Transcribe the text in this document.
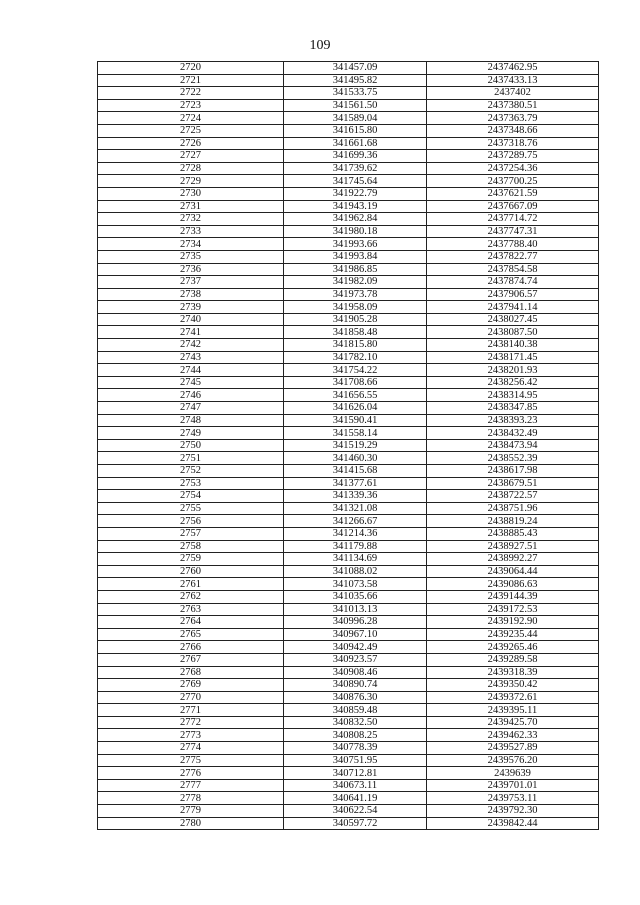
109
2720	341457.09	2437462.95
2721	341495.82	2437433.13
2722	341533.75	2437402
2723	341561.50	2437380.51
2724	341589.04	2437363.79
2725	341615.80	2437348.66
2726	341661.68	2437318.76
2727	341699.36	2437289.75
2728	341739.62	2437254.36
2729	341745.64	2437700.25
2730	341922.79	2437621.59
2731	341943.19	2437667.09
2732	341962.84	2437714.72
2733	341980.18	2437747.31
2734	341993.66	2437788.40
2735	341993.84	2437822.77
2736	341986.85	2437854.58
2737	341982.09	2437874.74
2738	341973.78	2437906.57
2739	341958.09	2437941.14
2740	341905.28	2438027.45
2741	341858.48	2438087.50
2742	341815.80	2438140.38
2743	341782.10	2438171.45
2744	341754.22	2438201.93
2745	341708.66	2438256.42
2746	341656.55	2438314.95
2747	341626.04	2438347.85
2748	341590.41	2438393.23
2749	341558.14	2438432.49
2750	341519.29	2438473.94
2751	341460.30	2438552.39
2752	341415.68	2438617.98
2753	341377.61	2438679.51
2754	341339.36	2438722.57
2755	341321.08	2438751.96
2756	341266.67	2438819.24
2757	341214.36	2438885.43
2758	341179.88	2438927.51
2759	341134.69	2438992.27
2760	341088.02	2439064.44
2761	341073.58	2439086.63
2762	341035.66	2439144.39
2763	341013.13	2439172.53
2764	340996.28	2439192.90
2765	340967.10	2439235.44
2766	340942.49	2439265.46
2767	340923.57	2439289.58
2768	340908.46	2439318.39
2769	340890.74	2439350.42
2770	340876.30	2439372.61
2771	340859.48	2439395.11
2772	340832.50	2439425.70
2773	340808.25	2439462.33
2774	340778.39	2439527.89
2775	340751.95	2439576.20
2776	340712.81	2439639
2777	340673.11	2439701.01
2778	340641.19	2439753.11
2779	340622.54	2439792.30
2780	340597.72	2439842.44
